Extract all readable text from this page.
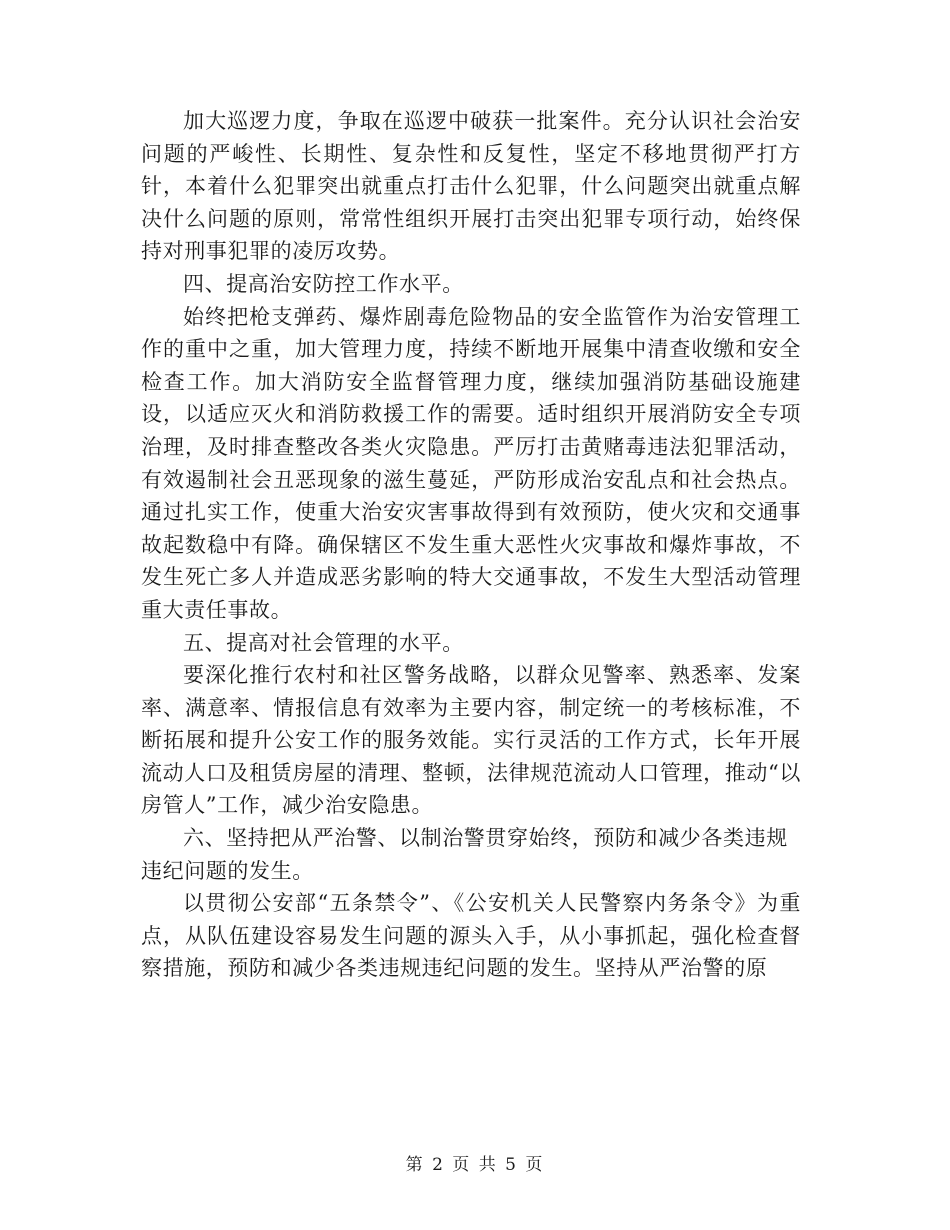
加大巡逻力度，争取在巡逻中破获一批案件。充分认识社会治安问题的严峻性、长期性、复杂性和反复性，坚定不移地贯彻严打方针，本着什么犯罪突出就重点打击什么犯罪，什么问题突出就重点解决什么问题的原则，常常性组织开展打击突出犯罪专项行动，始终保持对刑事犯罪的凌厉攻势。

四、提高治安防控工作水平。

始终把枪支弹药、爆炸剧毒危险物品的安全监管作为治安管理工作的重中之重，加大管理力度，持续不断地开展集中清查收缴和安全检查工作。加大消防安全监督管理力度，继续加强消防基础设施建设，以适应灭火和消防救援工作的需要。适时组织开展消防安全专项治理，及时排查整改各类火灾隐患。严厉打击黄赌毒违法犯罪活动，有效遏制社会丑恶现象的滋生蔓延，严防形成治安乱点和社会热点。通过扎实工作，使重大治安灾害事故得到有效预防，使火灾和交通事故起数稳中有降。确保辖区不发生重大恶性火灾事故和爆炸事故，不发生死亡多人并造成恶劣影响的特大交通事故，不发生大型活动管理重大责任事故。

五、提高对社会管理的水平。

要深化推行农村和社区警务战略，以群众见警率、熟悉率、发案率、满意率、情报信息有效率为主要内容，制定统一的考核标准，不断拓展和提升公安工作的服务效能。实行灵活的工作方式，长年开展流动人口及租赁房屋的清理、整顿，法律规范流动人口管理，推动“以房管人”工作，减少治安隐患。

六、坚持把从严治警、以制治警贯穿始终，预防和减少各类违规违纪问题的发生。

以贯彻公安部“五条禁令”、《公安机关人民警察内务条令》为重点，从队伍建设容易发生问题的源头入手，从小事抓起，强化检查督察措施，预防和减少各类违规违纪问题的发生。坚持从严治警的原

第 2 页 共 5 页
